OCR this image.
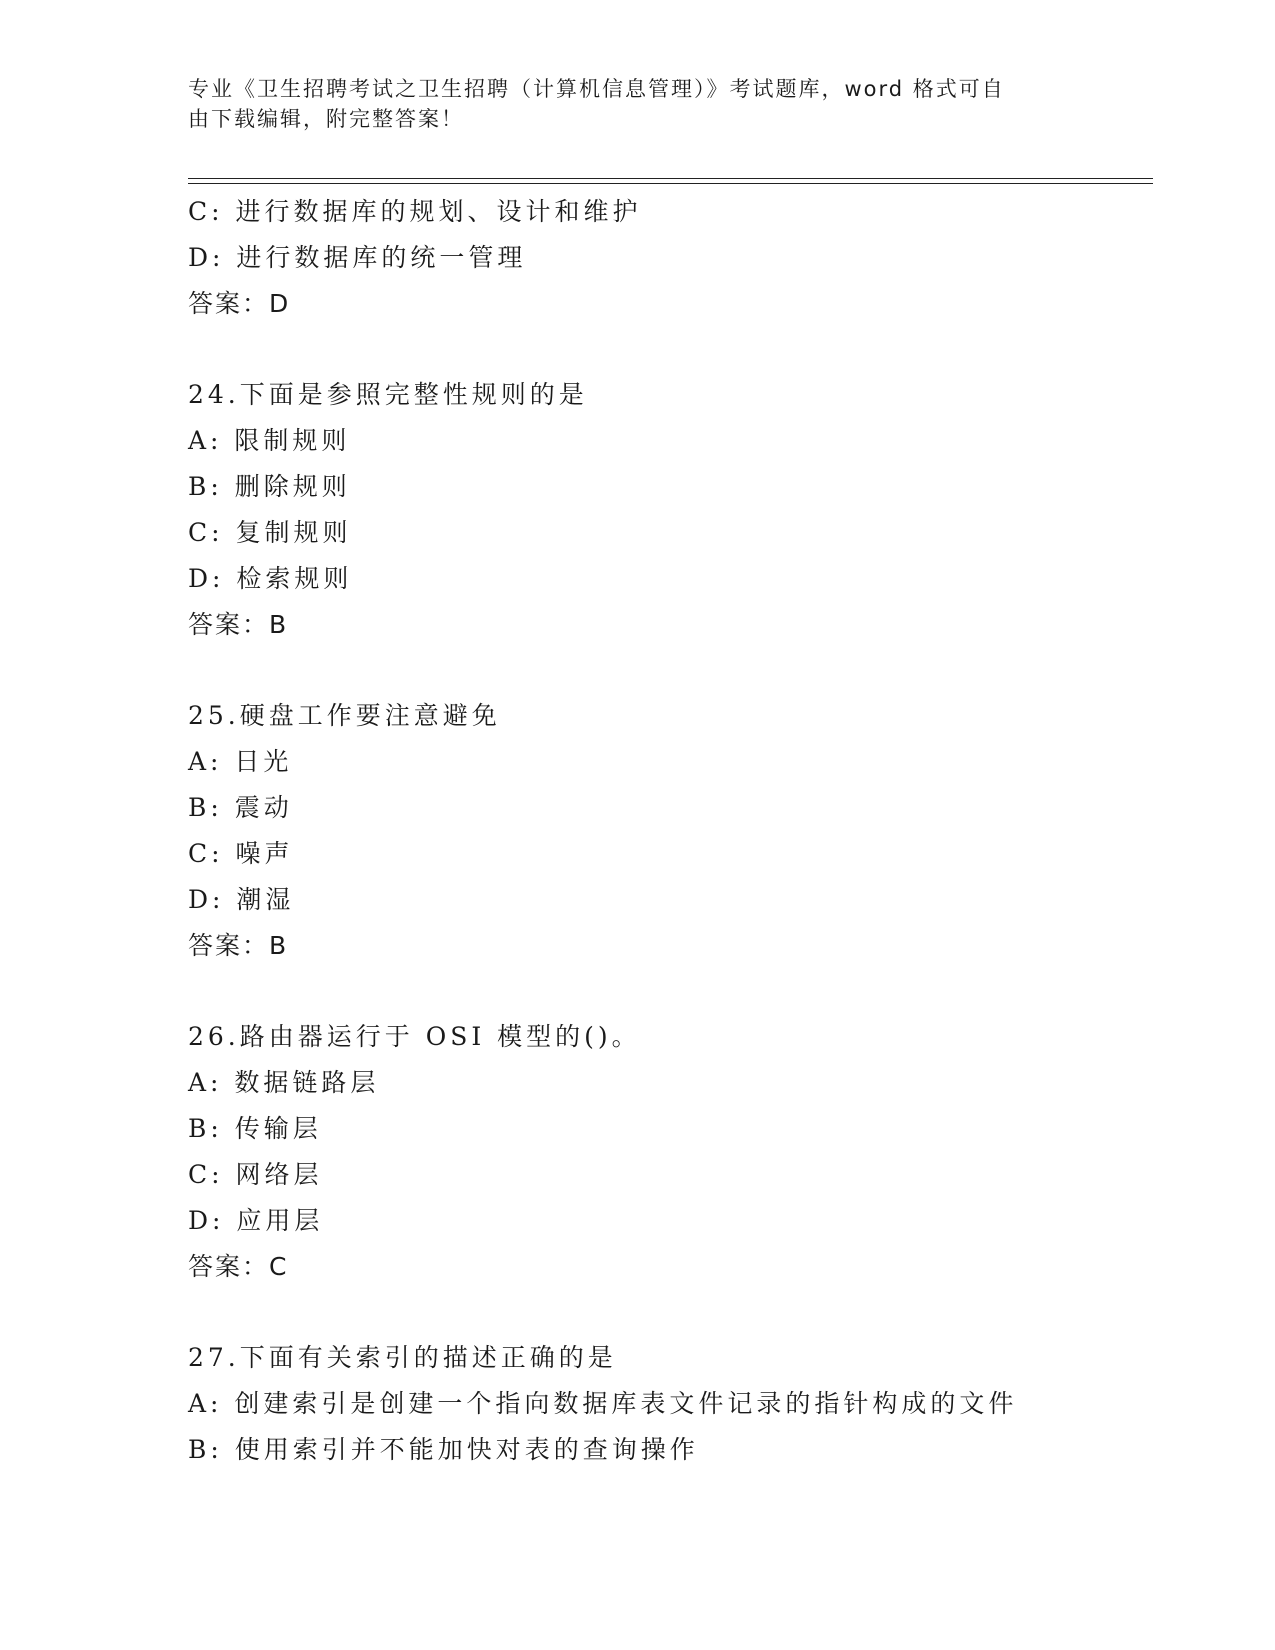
专业《卫生招聘考试之卫生招聘（计算机信息管理）》考试题库，word 格式可自
由下载编辑，附完整答案！
C: 进行数据库的规划、设计和维护
D: 进行数据库的统一管理
答案：D
24.下面是参照完整性规则的是
A: 限制规则
B: 删除规则
C: 复制规则
D: 检索规则
答案：B
25.硬盘工作要注意避免
A: 日光
B: 震动
C: 噪声
D: 潮湿
答案：B
26.路由器运行于 OSI 模型的()。
A: 数据链路层
B: 传输层
C: 网络层
D: 应用层
答案：C
27.下面有关索引的描述正确的是
A: 创建索引是创建一个指向数据库表文件记录的指针构成的文件
B: 使用索引并不能加快对表的查询操作
